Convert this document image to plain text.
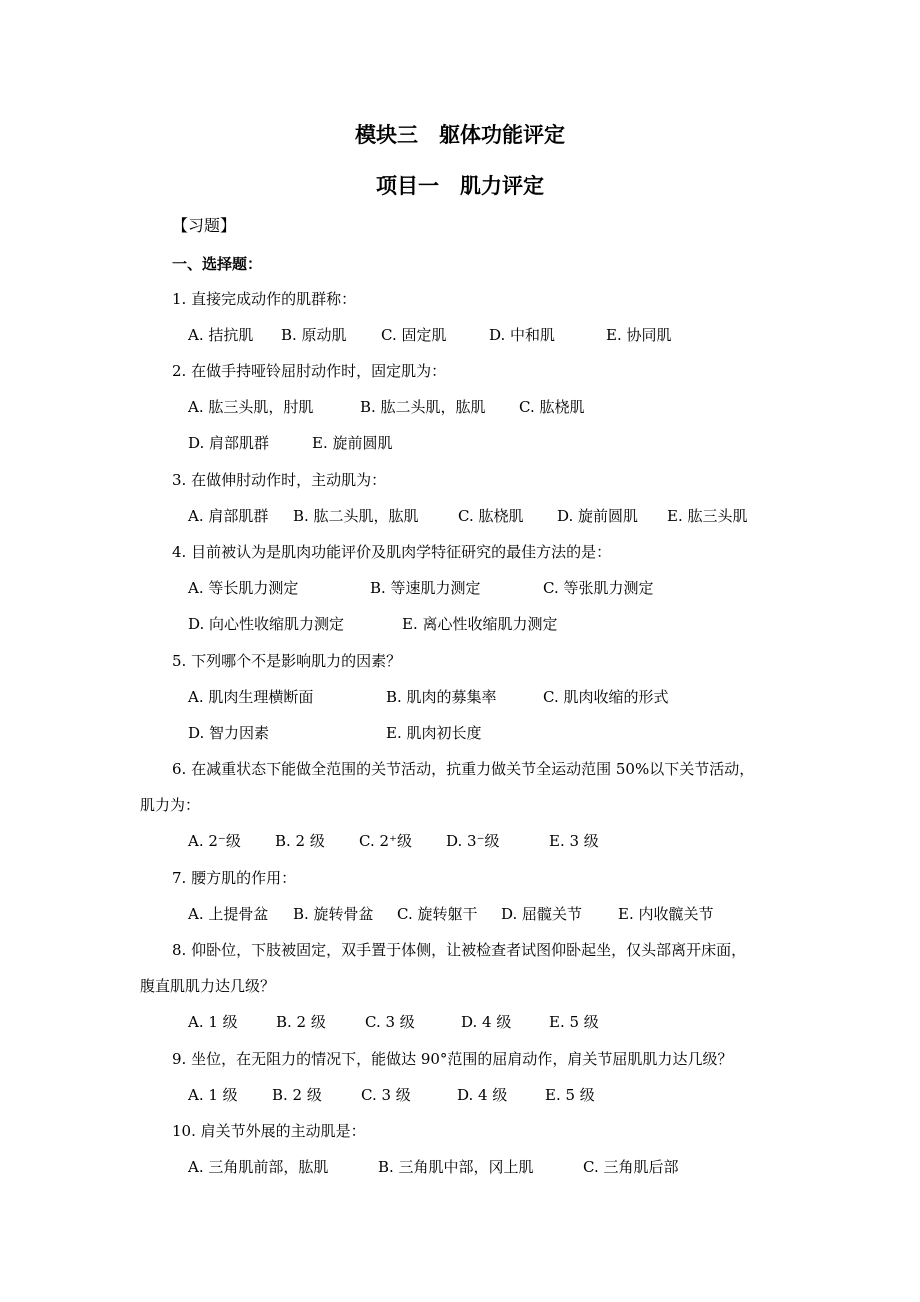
模块三　躯体功能评定
项目一　肌力评定
【习题】
一、选择题：
1. 直接完成动作的肌群称：
A. 拮抗肌 B. 原动肌 C. 固定肌	D. 中和肌	E. 协同肌
2. 在做手持哑铃屈肘动作时，固定肌为：
A. 肱三头肌，肘肌	B. 肱二头肌，肱肌 C. 肱桡肌
D. 肩部肌群	E. 旋前圆肌
3. 在做伸肘动作时，主动肌为：
A. 肩部肌群 B. 肱二头肌，肱肌	C. 肱桡肌 D. 旋前圆肌 E. 肱三头肌
4. 目前被认为是肌肉功能评价及肌肉学特征研究的最佳方法的是：
A. 等长肌力测定	B. 等速肌力测定	C. 等张肌力测定
D. 向心性收缩肌力测定	E. 离心性收缩肌力测定
5. 下列哪个不是影响肌力的因素？
A. 肌肉生理横断面	B. 肌肉的募集率	C. 肌肉收缩的形式
D. 智力因素	E. 肌肉初长度
6. 在减重状态下能做全范围的关节活动，抗重力做关节全运动范围 50%以下关节活动，
肌力为：
A. 2⁻级 B. 2 级 C. 2⁺级 D. 3⁻级	E. 3 级
7. 腰方肌的作用：
A. 上提骨盆 B. 旋转骨盆 C. 旋转躯干 D. 屈髋关节 E. 内收髋关节
8. 仰卧位，下肢被固定，双手置于体侧，让被检查者试图仰卧起坐，仅头部离开床面，
腹直肌肌力达几级？
A. 1 级	B. 2 级	C. 3 级	D. 4 级	E. 5 级
9. 坐位，在无阻力的情况下，能做达 90°范围的屈肩动作，肩关节屈肌肌力达几级？
A. 1 级 B. 2 级	C. 3 级	D. 4 级	E. 5 级
10. 肩关节外展的主动肌是：
A. 三角肌前部，肱肌	B. 三角肌中部，冈上肌	C. 三角肌后部
